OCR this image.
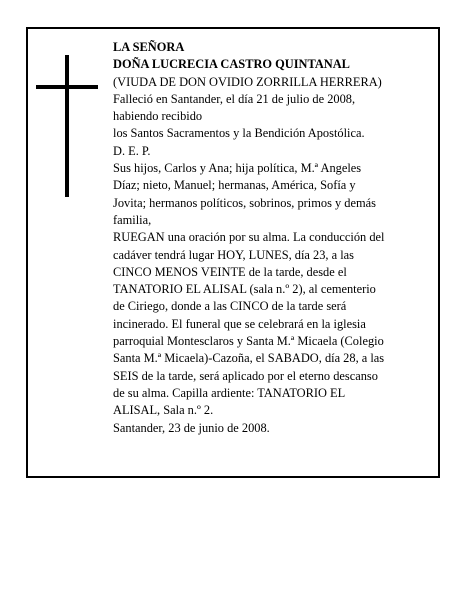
LA SEÑORA
DOÑA LUCRECIA CASTRO QUINTANAL
(VIUDA DE DON OVIDIO ZORRILLA HERRERA)
Falleció en Santander, el día 21 de julio de 2008,
habiendo recibido
los Santos Sacramentos y la Bendición Apostólica.
D. E. P.
Sus hijos, Carlos y Ana; hija política, M.ª Angeles
Díaz; nieto, Manuel; hermanas, América, Sofía y
Jovita; hermanos políticos, sobrinos, primos y demás
familia,
RUEGAN una oración por su alma. La conducción del
cadáver tendrá lugar HOY, LUNES, día 23, a las
CINCO MENOS VEINTE de la tarde, desde el
TANATORIO EL ALISAL (sala n.º 2), al cementerio
de Ciriego, donde a las CINCO de la tarde será
incinerado. El funeral que se celebrará en la iglesia
parroquial Montesclaros y Santa M.ª Micaela (Colegio
Santa M.ª Micaela)-Cazoña, el SABADO, día 28, a las
SEIS de la tarde, será aplicado por el eterno descanso
de su alma. Capilla ardiente: TANATORIO EL
ALISAL, Sala n.º 2.
Santander, 23 de junio de 2008.
